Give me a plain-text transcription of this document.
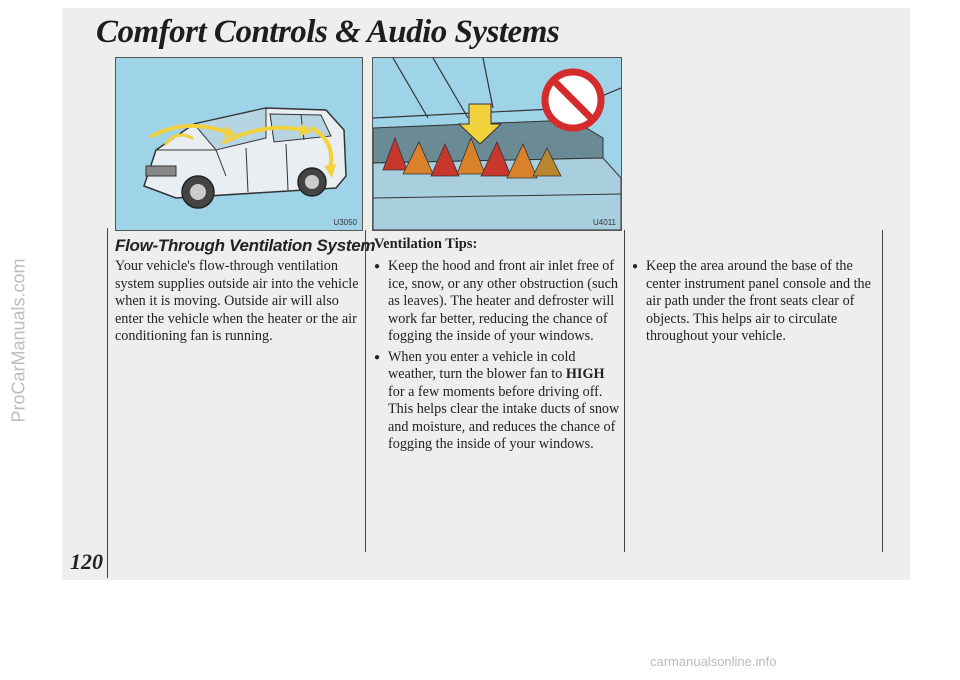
Comfort Controls & Audio Systems
ProCarManuals.com
U3050	U4011
Flow-Through Ventilation System
Your vehicle's flow-through ventilation system supplies outside air into the vehicle when it is moving. Outside air will also enter the vehicle when the heater or the air conditioning fan is running.
Ventilation Tips:
● Keep the hood and front air inlet free of ice, snow, or any other obstruction (such as leaves). The heater and defroster will work far better, reducing the chance of fogging the inside of your windows.
● When you enter a vehicle in cold weather, turn the blower fan to HIGH for a few moments before driving off. This helps clear the intake ducts of snow and moisture, and reduces the chance of fogging the inside of your windows.
● Keep the area around the base of the center instrument panel console and the air path under the front seats clear of objects. This helps air to circulate throughout your vehicle.
120
carmanualsonline.info
